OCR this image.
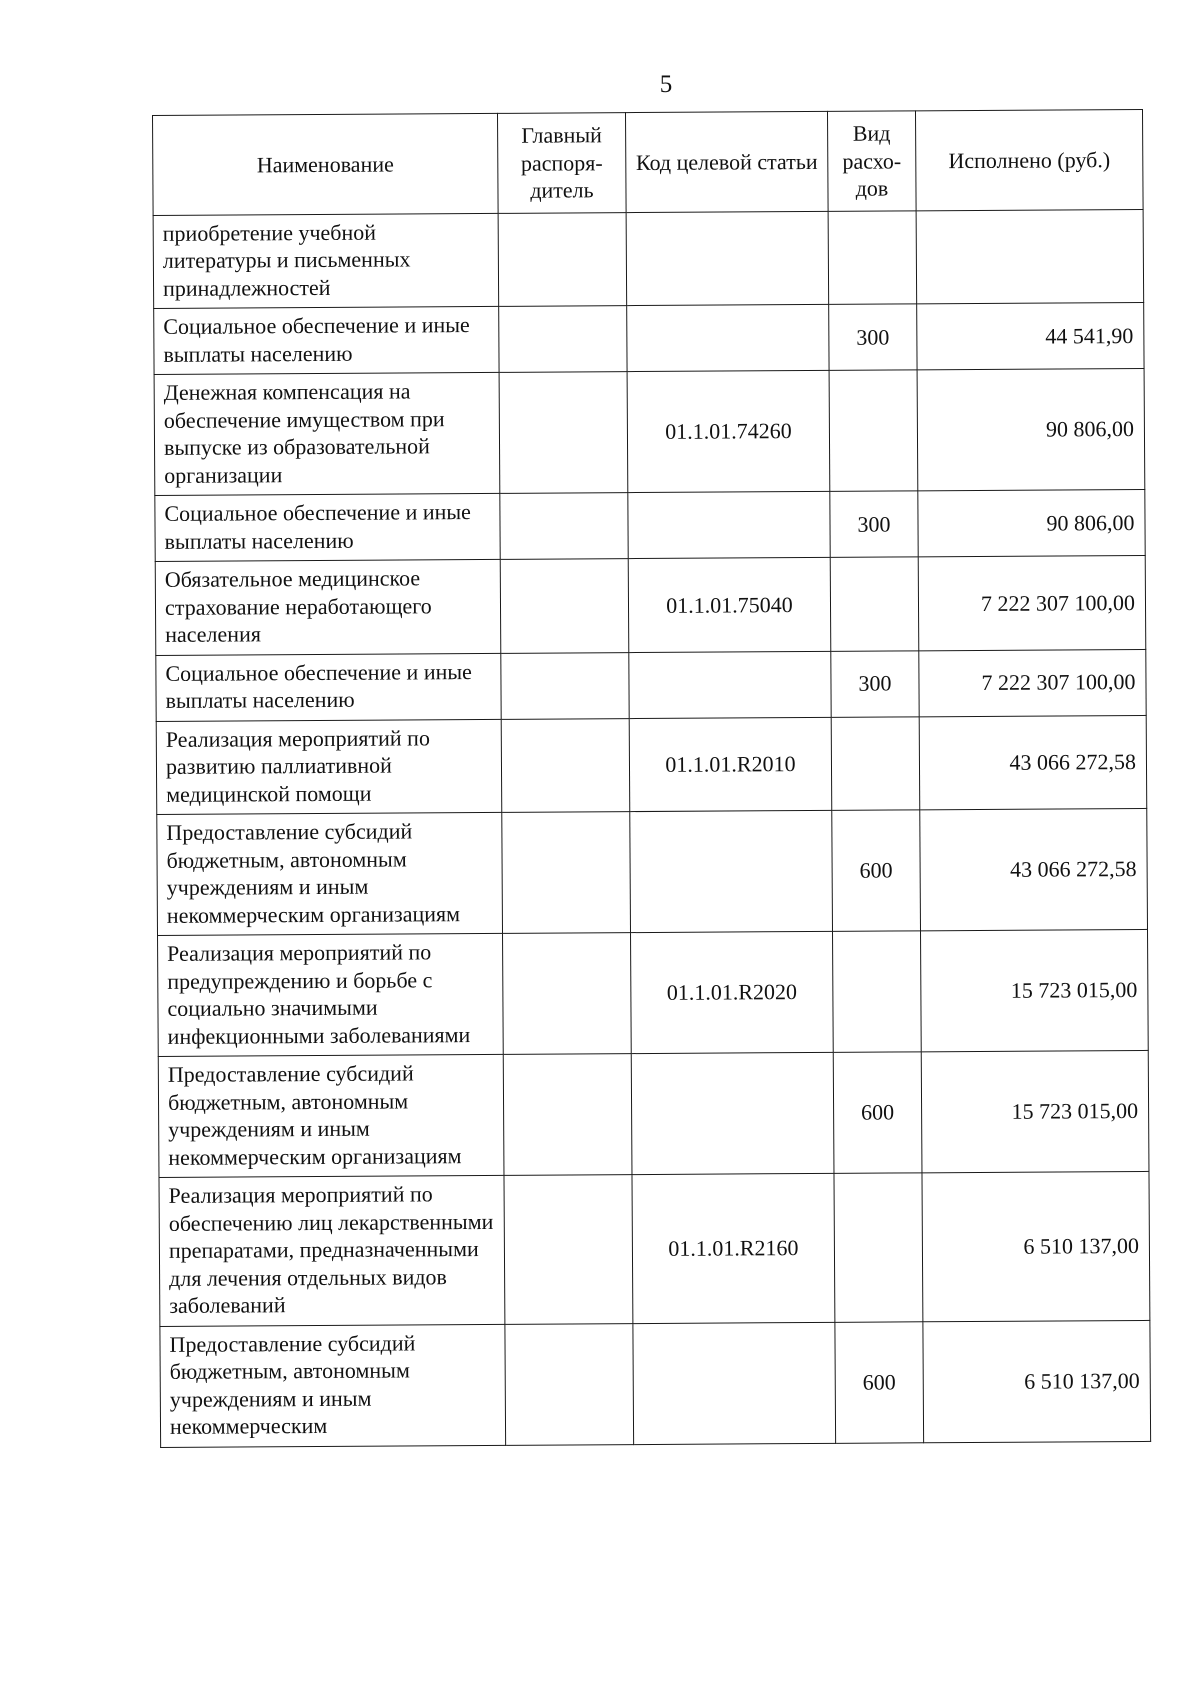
5
Наименование	Главный распоря-дитель	Код целевой статьи	Вид расхо-дов	Исполнено (руб.)
приобретение учебной литературы и письменных принадлежностей				
Социальное обеспечение и иные выплаты населению			300	44 541,90
Денежная компенсация на обеспечение имуществом при выпуске из образовательной организации		01.1.01.74260		90 806,00
Социальное обеспечение и иные выплаты населению			300	90 806,00
Обязательное медицинское страхование неработающего населения		01.1.01.75040		7 222 307 100,00
Социальное обеспечение и иные выплаты населению			300	7 222 307 100,00
Реализация мероприятий по развитию паллиативной медицинской помощи		01.1.01.R2010		43 066 272,58
Предоставление субсидий бюджетным, автономным учреждениям и иным некоммерческим организациям			600	43 066 272,58
Реализация мероприятий по предупреждению и борьбе с социально значимыми инфекционными заболеваниями		01.1.01.R2020		15 723 015,00
Предоставление субсидий бюджетным, автономным учреждениям и иным некоммерческим организациям			600	15 723 015,00
Реализация мероприятий по обеспечению лиц лекарственными препаратами, предназначенными для лечения отдельных видов заболеваний		01.1.01.R2160		6 510 137,00
Предоставление субсидий бюджетным, автономным учреждениям и иным некоммерческим			600	6 510 137,00
